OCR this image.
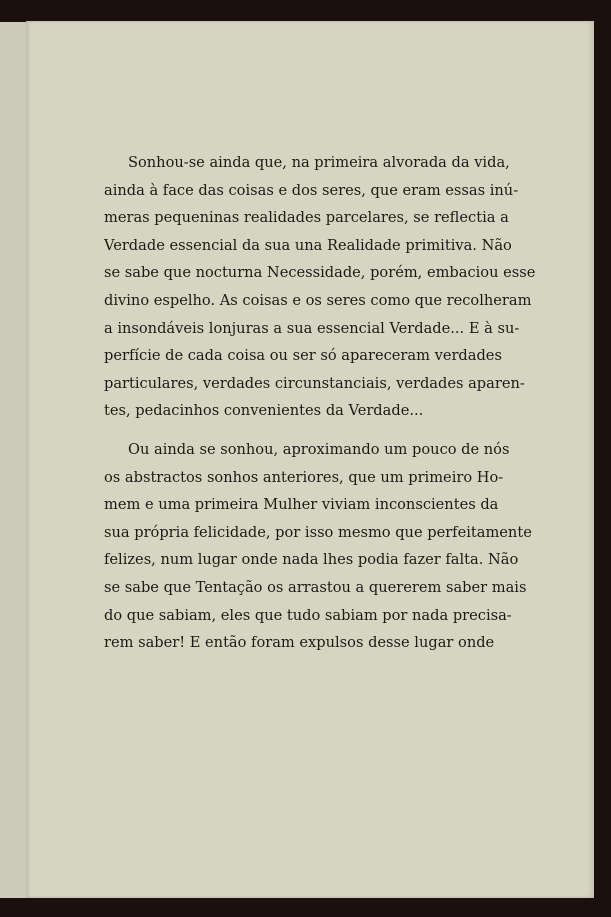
Sonhou-se ainda que, na primeira alvorada da vida,
ainda à face das coisas e dos seres, que eram essas inú-
meras pequeninas realidades parcelares, se reflectia a
Verdade essencial da sua una Realidade primitiva. Não
se sabe que nocturna Necessidade, porém, embaciou esse
divino espelho. As coisas e os seres como que recolheram
a insondáveis lonjuras a sua essencial Verdade... E à su-
perfície de cada coisa ou ser só apareceram verdades
particulares, verdades circunstanciais, verdades aparen-
tes, pedacinhos convenientes da Verdade...
Ou ainda se sonhou, aproximando um pouco de nós
os abstractos sonhos anteriores, que um primeiro Ho-
mem e uma primeira Mulher viviam inconscientes da
sua própria felicidade, por isso mesmo que perfeitamente
felizes, num lugar onde nada lhes podia fazer falta. Não
se sabe que Tentação os arrastou a quererem saber mais
do que sabiam, eles que tudo sabiam por nada precisa-
rem saber! E então foram expulsos desse lugar onde
